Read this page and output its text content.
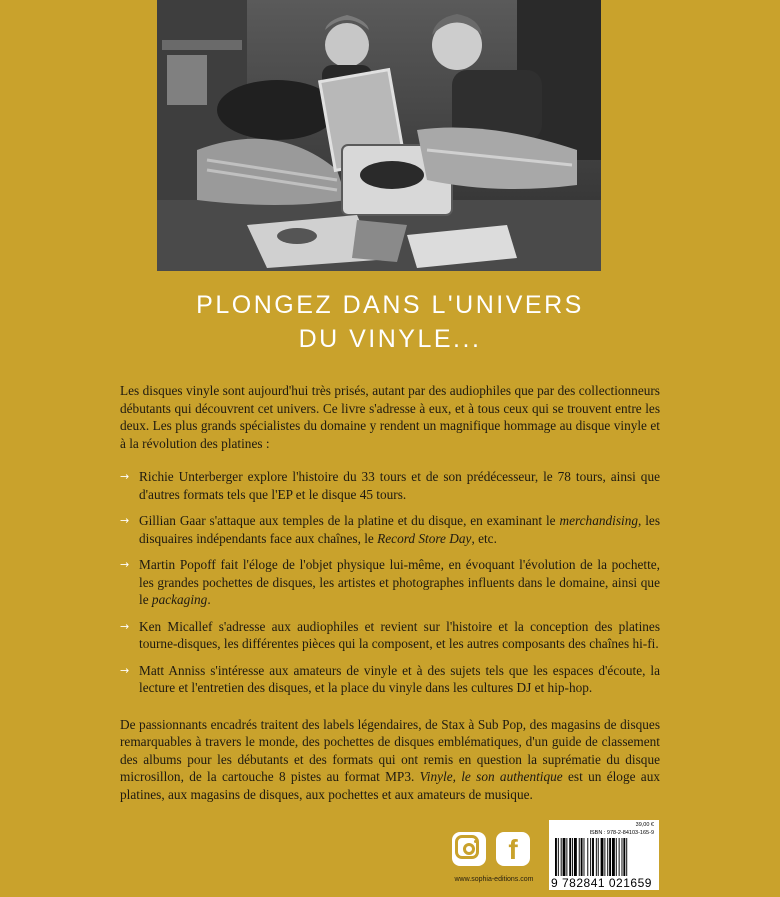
PLONGEZ DANS L'UNIVERS
DU VINYLE...

Les disques vinyle sont aujourd'hui très prisés, autant par des audiophiles que par des collectionneurs débutants qui découvrent cet univers. Ce livre s'adresse à eux, et à tous ceux qui se trouvent entre les deux. Les plus grands spécialistes du domaine y rendent un magnifique hommage au disque vinyle et à la révolution des platines :

→ Richie Unterberger explore l'histoire du 33 tours et de son prédécesseur, le 78 tours, ainsi que d'autres formats tels que l'EP et le disque 45 tours.
→ Gillian Gaar s'attaque aux temples de la platine et du disque, en examinant le merchandising, les disquaires indépendants face aux chaînes, le Record Store Day, etc.
→ Martin Popoff fait l'éloge de l'objet physique lui-même, en évoquant l'évolution de la pochette, les grandes pochettes de disques, les artistes et photographes influents dans le domaine, ainsi que le packaging.
→ Ken Micallef s'adresse aux audiophiles et revient sur l'histoire et la conception des platines tourne-disques, les différentes pièces qui la composent, et les autres composants des chaînes hi-fi.
→ Matt Anniss s'intéresse aux amateurs de vinyle et à des sujets tels que les espaces d'écoute, la lecture et l'entretien des disques, et la place du vinyle dans les cultures DJ et hip-hop.

De passionnants encadrés traitent des labels légendaires, de Stax à Sub Pop, des magasins de disques remarquables à travers le monde, des pochettes de disques emblématiques, d'un guide de classement des albums pour les débutants et des formats qui ont remis en question la suprématie du disque microsillon, de la cartouche 8 pistes au format MP3. Vinyle, le son authentique est un éloge aux platines, aux magasins de disques, aux pochettes et aux amateurs de musique.

f
www.sophia-editions.com
39,00 €
ISBN : 978-2-84103-165-9
9 782841 021659
